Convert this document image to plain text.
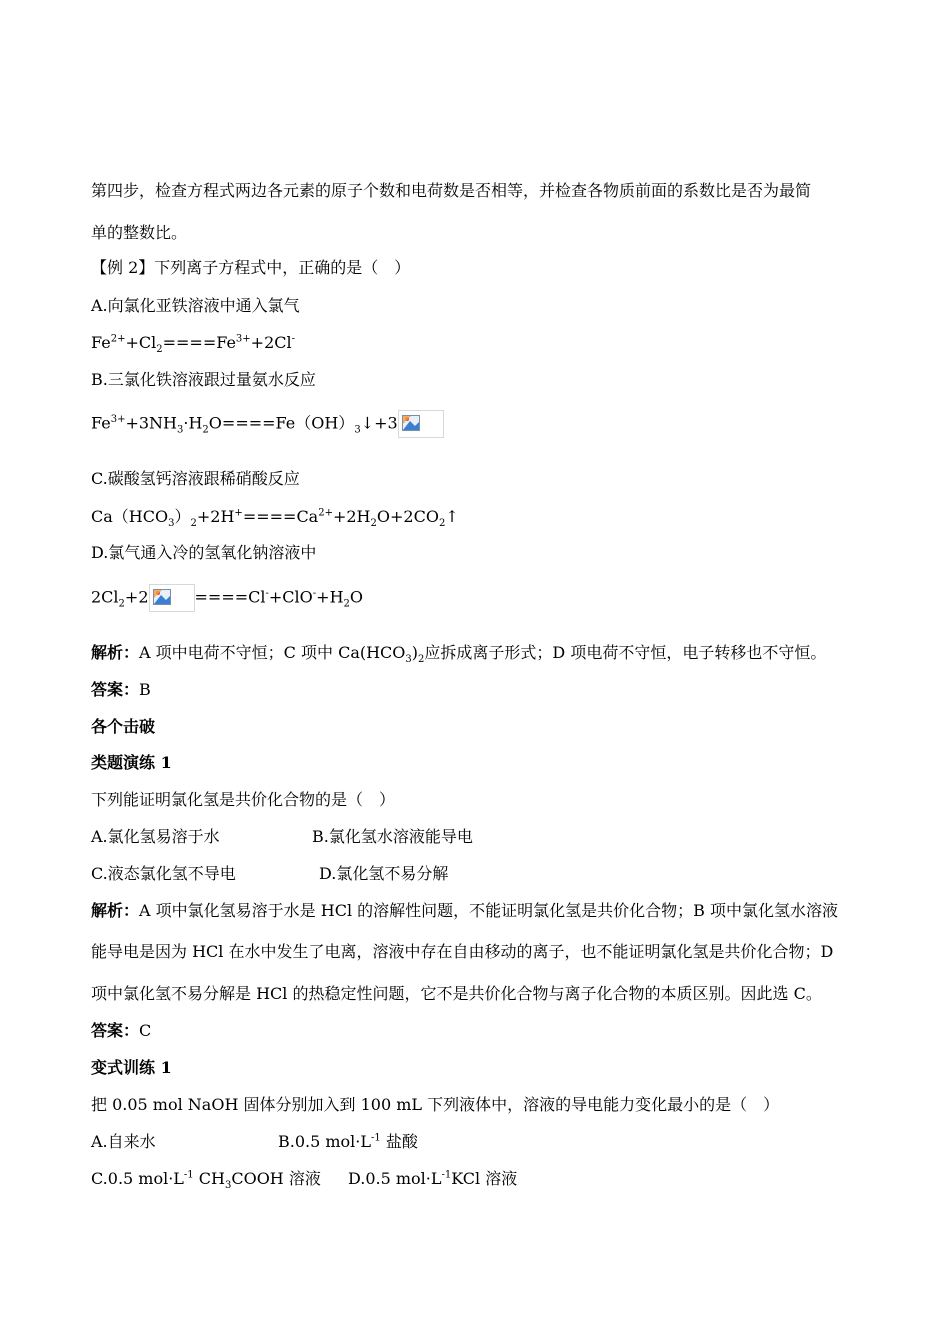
第四步，检查方程式两边各元素的原子个数和电荷数是否相等，并检查各物质前面的系数比是否为最简
单的整数比。
【例 2】下列离子方程式中，正确的是（　）
A.向氯化亚铁溶液中通入氯气
$Fe^{2+}+Cl_2====Fe^{3+}+2Cl^-$
B.三氯化铁溶液跟过量氨水反应
$Fe^{3+}+3NH_3\cdot H_2O====Fe(OH)_3↓+3$
C.碳酸氢钙溶液跟稀硝酸反应
$Ca(HCO_3)_2+2H^+====Ca^{2+}+2H_2O+2CO_2↑$
D.氯气通入冷的氢氧化钠溶液中
$2Cl_2+2$	$====Cl^-+ClO^-+H_2O$
解析：A 项中电荷不守恒；C 项中 $Ca(HCO_3)_2$应拆成离子形式；D 项电荷不守恒，电子转移也不守恒。
答案：B
各个击破
类题演练 1
下列能证明氯化氢是共价化合物的是（　）
A.氯化氢易溶于水	B.氯化氢水溶液能导电
C.液态氯化氢不导电	D.氯化氢不易分解
解析：A 项中氯化氢易溶于水是 HCl 的溶解性问题，不能证明氯化氢是共价化合物；B 项中氯化氢水溶液
能导电是因为 HCl 在水中发生了电离，溶液中存在自由移动的离子，也不能证明氯化氢是共价化合物；D
项中氯化氢不易分解是 HCl 的热稳定性问题，它不是共价化合物与离子化合物的本质区别。因此选 C。
答案：C
变式训练 1
把 0.05 mol NaOH 固体分别加入到 100 mL 下列液体中，溶液的导电能力变化最小的是（　）
A.自来水	B.0.5 $mol\cdot L^{-1}$ 盐酸
C.0.5 $mol\cdot L^{-1}$ $CH_3COOH$ 溶液 D.0.5 $mol\cdot L^{-1}KCl$ 溶液
